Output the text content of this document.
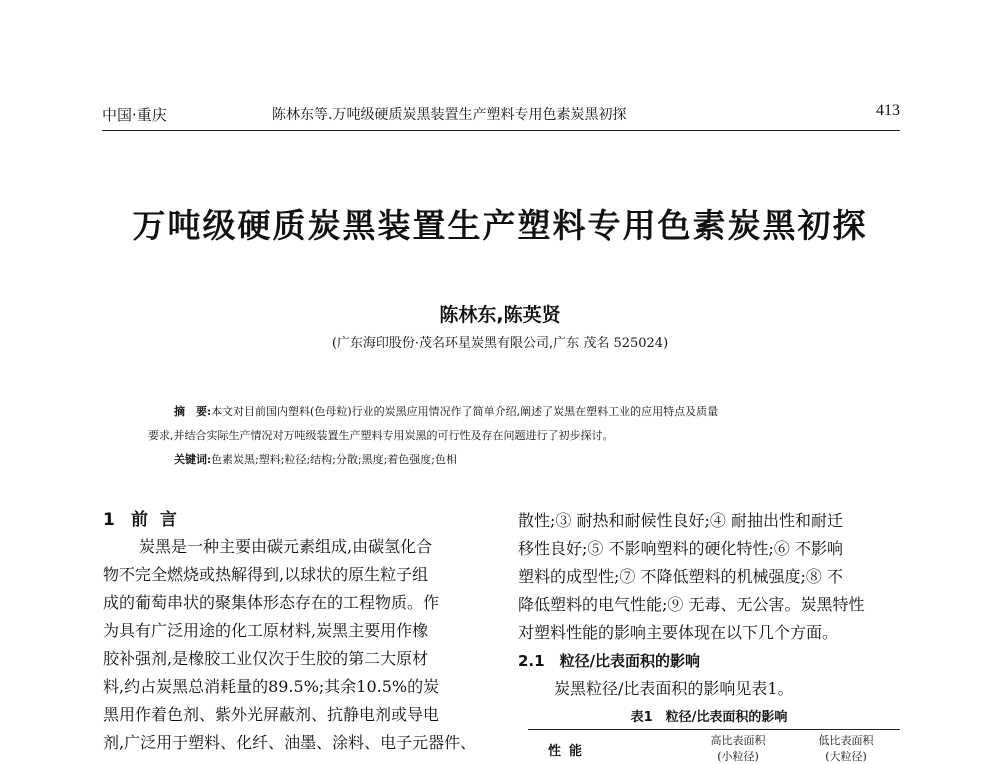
中国·重庆	陈林东等.万吨级硬质炭黑装置生产塑料专用色素炭黑初探	413
万吨级硬质炭黑装置生产塑料专用色素炭黑初探
陈林东,陈英贤
(广东海印股份·茂名环星炭黑有限公司,广东 茂名 525024)
摘　要:本文对目前国内塑料(色母粒)行业的炭黑应用情况作了简单介绍,阐述了炭黑在塑料工业的应用特点及质量
要求,并结合实际生产情况对万吨级装置生产塑料专用炭黑的可行性及存在问题进行了初步探讨。
关键词:色素炭黑;塑料;粒径;结构;分散;黑度;着色强度;色相
1 前言
炭黑是一种主要由碳元素组成,由碳氢化合
物不完全燃烧或热解得到,以球状的原生粒子组
成的葡萄串状的聚集体形态存在的工程物质。作
为具有广泛用途的化工原材料,炭黑主要用作橡
胶补强剂,是橡胶工业仅次于生胶的第二大原材
料,约占炭黑总消耗量的89.5%;其余10.5%的炭
黑用作着色剂、紫外光屏蔽剂、抗静电剂或导电
剂,广泛用于塑料、化纤、油墨、涂料、电子元器件、
散性;③ 耐热和耐候性良好;④ 耐抽出性和耐迁
移性良好;⑤ 不影响塑料的硬化特性;⑥ 不影响
塑料的成型性;⑦ 不降低塑料的机械强度;⑧ 不
降低塑料的电气性能;⑨ 无毒、无公害。炭黑特性
对塑料性能的影响主要体现在以下几个方面。
2.1　粒径/比表面积的影响
炭黑粒径/比表面积的影响见表1。
表1　粒径/比表面积的影响
性能
高比表面积
(小粒径)
低比表面积
(大粒径)
